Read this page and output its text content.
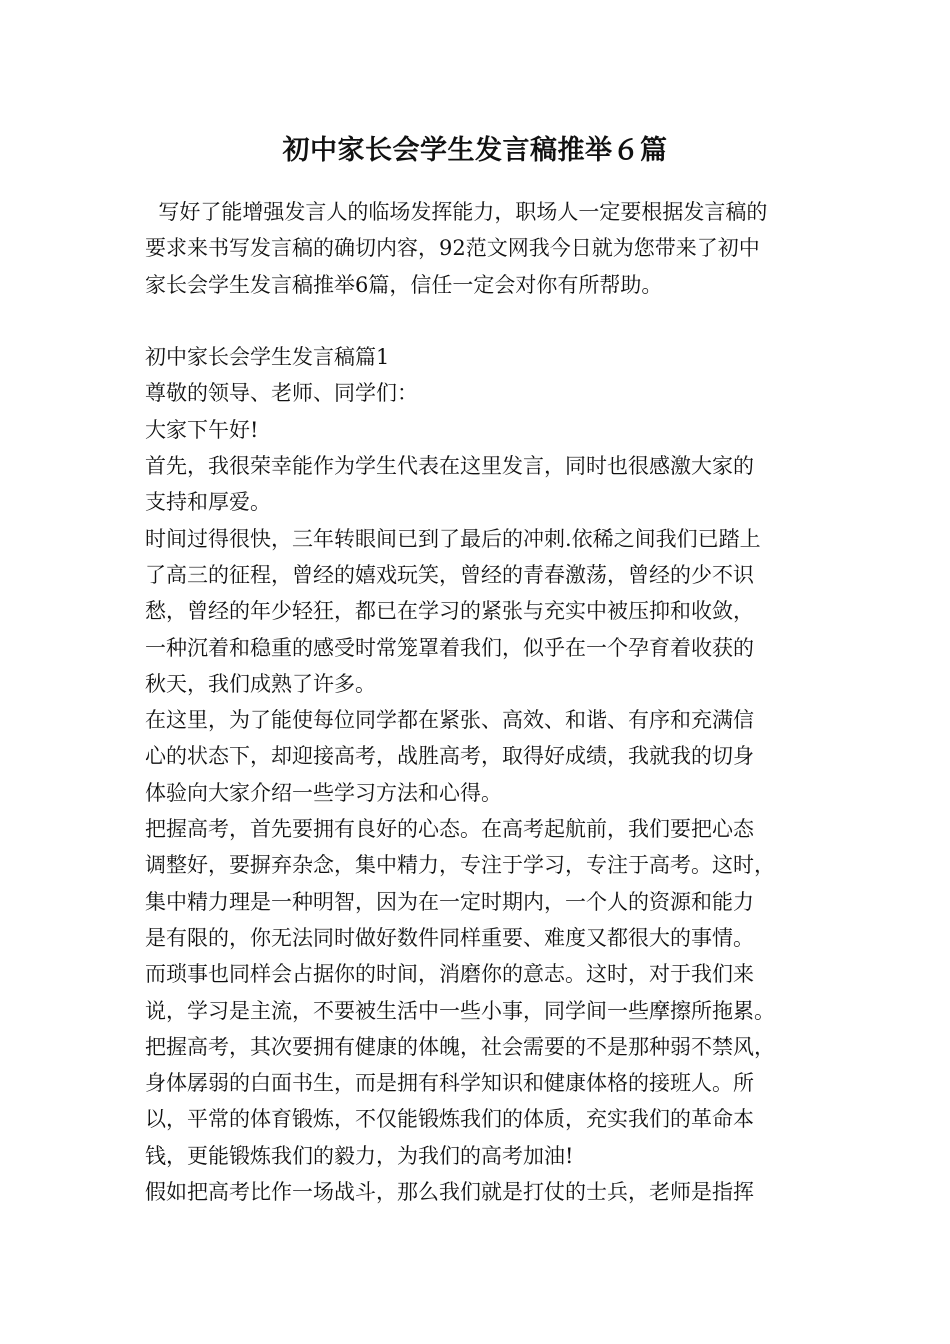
初中家长会学生发言稿推举６篇
写好了能增强发言人的临场发挥能力，职场人一定要根据发言稿的
要求来书写发言稿的确切内容，92范文网我今日就为您带来了初中
家长会学生发言稿推举6篇，信任一定会对你有所帮助。
初中家长会学生发言稿篇1
尊敬的领导、老师、同学们：
大家下午好!
首先，我很荣幸能作为学生代表在这里发言，同时也很感激大家的
支持和厚爱。
时间过得很快，三年转眼间已到了最后的冲刺.依稀之间我们已踏上
了高三的征程，曾经的嬉戏玩笑，曾经的青春激荡，曾经的少不识
愁，曾经的年少轻狂，都已在学习的紧张与充实中被压抑和收敛，
一种沉着和稳重的感受时常笼罩着我们，似乎在一个孕育着收获的
秋天，我们成熟了许多。
在这里，为了能使每位同学都在紧张、高效、和谐、有序和充满信
心的状态下，却迎接高考，战胜高考，取得好成绩，我就我的切身
体验向大家介绍一些学习方法和心得。
把握高考，首先要拥有良好的心态。在高考起航前，我们要把心态
调整好，要摒弃杂念，集中精力，专注于学习，专注于高考。这时，
集中精力理是一种明智，因为在一定时期内，一个人的资源和能力
是有限的，你无法同时做好数件同样重要、难度又都很大的事情。
而琐事也同样会占据你的时间，消磨你的意志。这时，对于我们来
说，学习是主流，不要被生活中一些小事，同学间一些摩擦所拖累。
把握高考，其次要拥有健康的体魄，社会需要的不是那种弱不禁风，
身体孱弱的白面书生，而是拥有科学知识和健康体格的接班人。所
以，平常的体育锻炼，不仅能锻炼我们的体质，充实我们的革命本
钱，更能锻炼我们的毅力，为我们的高考加油!
假如把高考比作一场战斗，那么我们就是打仗的士兵，老师是指挥
